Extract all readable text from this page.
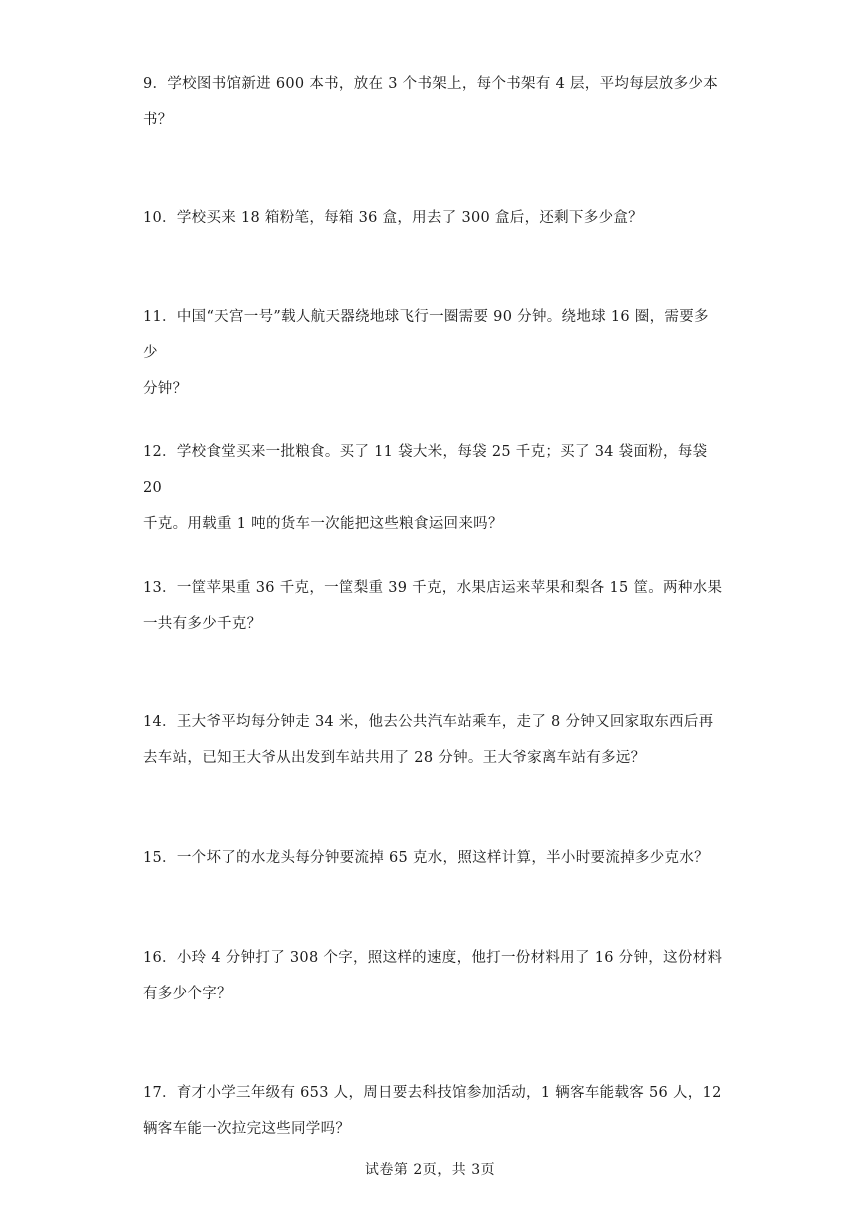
9．学校图书馆新进 600 本书，放在 3 个书架上，每个书架有 4 层，平均每层放多少本

书？

10．学校买来 18 箱粉笔，每箱 36 盒，用去了 300 盒后，还剩下多少盒？

11．中国“天宫一号”载人航天器绕地球飞行一圈需要 90 分钟。绕地球 16 圈，需要多少

分钟？

12．学校食堂买来一批粮食。买了 11 袋大米，每袋 25 千克；买了 34 袋面粉，每袋 20

千克。用载重 1 吨的货车一次能把这些粮食运回来吗？

13．一筐苹果重 36 千克，一筐梨重 39 千克，水果店运来苹果和梨各 15 筐。两种水果

一共有多少千克？

14．王大爷平均每分钟走 34 米，他去公共汽车站乘车，走了 8 分钟又回家取东西后再

去车站，已知王大爷从出发到车站共用了 28 分钟。王大爷家离车站有多远？

15．一个坏了的水龙头每分钟要流掉 65 克水，照这样计算，半小时要流掉多少克水？

16．小玲 4 分钟打了 308 个字，照这样的速度，他打一份材料用了 16 分钟，这份材料

有多少个字？

17．育才小学三年级有 653 人，周日要去科技馆参加活动，1 辆客车能载客 56 人，12

辆客车能一次拉完这些同学吗？

试卷第 2页，共 3页
